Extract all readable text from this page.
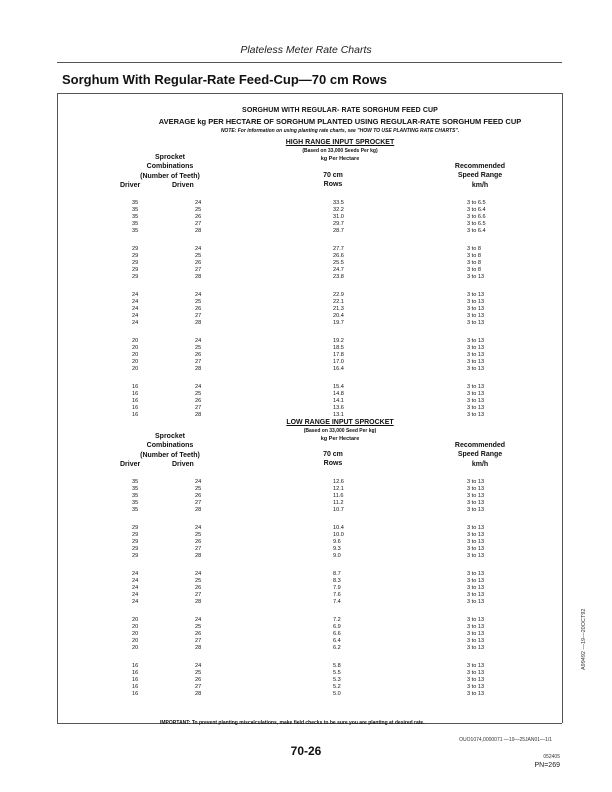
Plateless Meter Rate Charts
Sorghum With Regular-Rate Feed-Cup—70 cm Rows
SORGHUM WITH REGULAR- RATE SORGHUM FEED CUP
AVERAGE kg PER HECTARE OF SORGHUM PLANTED USING REGULAR-RATE SORGHUM FEED CUP
NOTE: For information on using planting rate charts, see "HOW TO USE PLANTING RATE CHARTS".
HIGH RANGE INPUT SPROCKET
(Based on 33,000 Seeds Per kg)
kg Per Hectare
Sprocket
Combinations
(Number of Teeth)
Driver	Driven
70 cm
Rows
Recommended
Speed Range
km/h
35	24	33.5	3 to 6.5
35	25	32.2	3 to 6.4
35	26	31.0	3 to 6.6
35	27	29.7	3 to 6.5
35	28	28.7	3 to 6.4
29	24	27.7	3 to 8
29	25	26.6	3 to 8
29	26	25.5	3 to 8
29	27	24.7	3 to 8
29	28	23.8	3 to 13
24	24	22.9	3 to 13
24	25	22.1	3 to 13
24	26	21.3	3 to 13
24	27	20.4	3 to 13
24	28	19.7	3 to 13
20	24	19.2	3 to 13
20	25	18.5	3 to 13
20	26	17.8	3 to 13
20	27	17.0	3 to 13
20	28	16.4	3 to 13
16	24	15.4	3 to 13
16	25	14.8	3 to 13
16	26	14.1	3 to 13
16	27	13.6	3 to 13
16	28	13.1	3 to 13
LOW RANGE INPUT SPROCKET
(Based on 33,000 Seed Per kg)
kg Per Hectare
Sprocket
Combinations
(Number of Teeth)
Driver	Driven
70 cm
Rows
Recommended
Speed Range
km/h
35	24	12.6	3 to 13
35	25	12.1	3 to 13
35	26	11.6	3 to 13
35	27	11.2	3 to 13
35	28	10.7	3 to 13
29	24	10.4	3 to 13
29	25	10.0	3 to 13
29	26	9.6	3 to 13
29	27	9.3	3 to 13
29	28	9.0	3 to 13
24	24	8.7	3 to 13
24	25	8.3	3 to 13
24	26	7.9	3 to 13
24	27	7.6	3 to 13
24	28	7.4	3 to 13
20	24	7.2	3 to 13
20	25	6.9	3 to 13
20	26	6.6	3 to 13
20	27	6.4	3 to 13
20	28	6.2	3 to 13
16	24	5.8	3 to 13
16	25	5.5	3 to 13
16	26	5.3	3 to 13
16	27	5.2	3 to 13
16	28	5.0	3 to 13
IMPORTANT: To prevent planting miscalculations, make field checks to be sure you are planting at desired rate.
A99492 —19—20OCT92
OUO1074,0000071 —19—25JAN01—1/1
70-26	052405
PN=269
